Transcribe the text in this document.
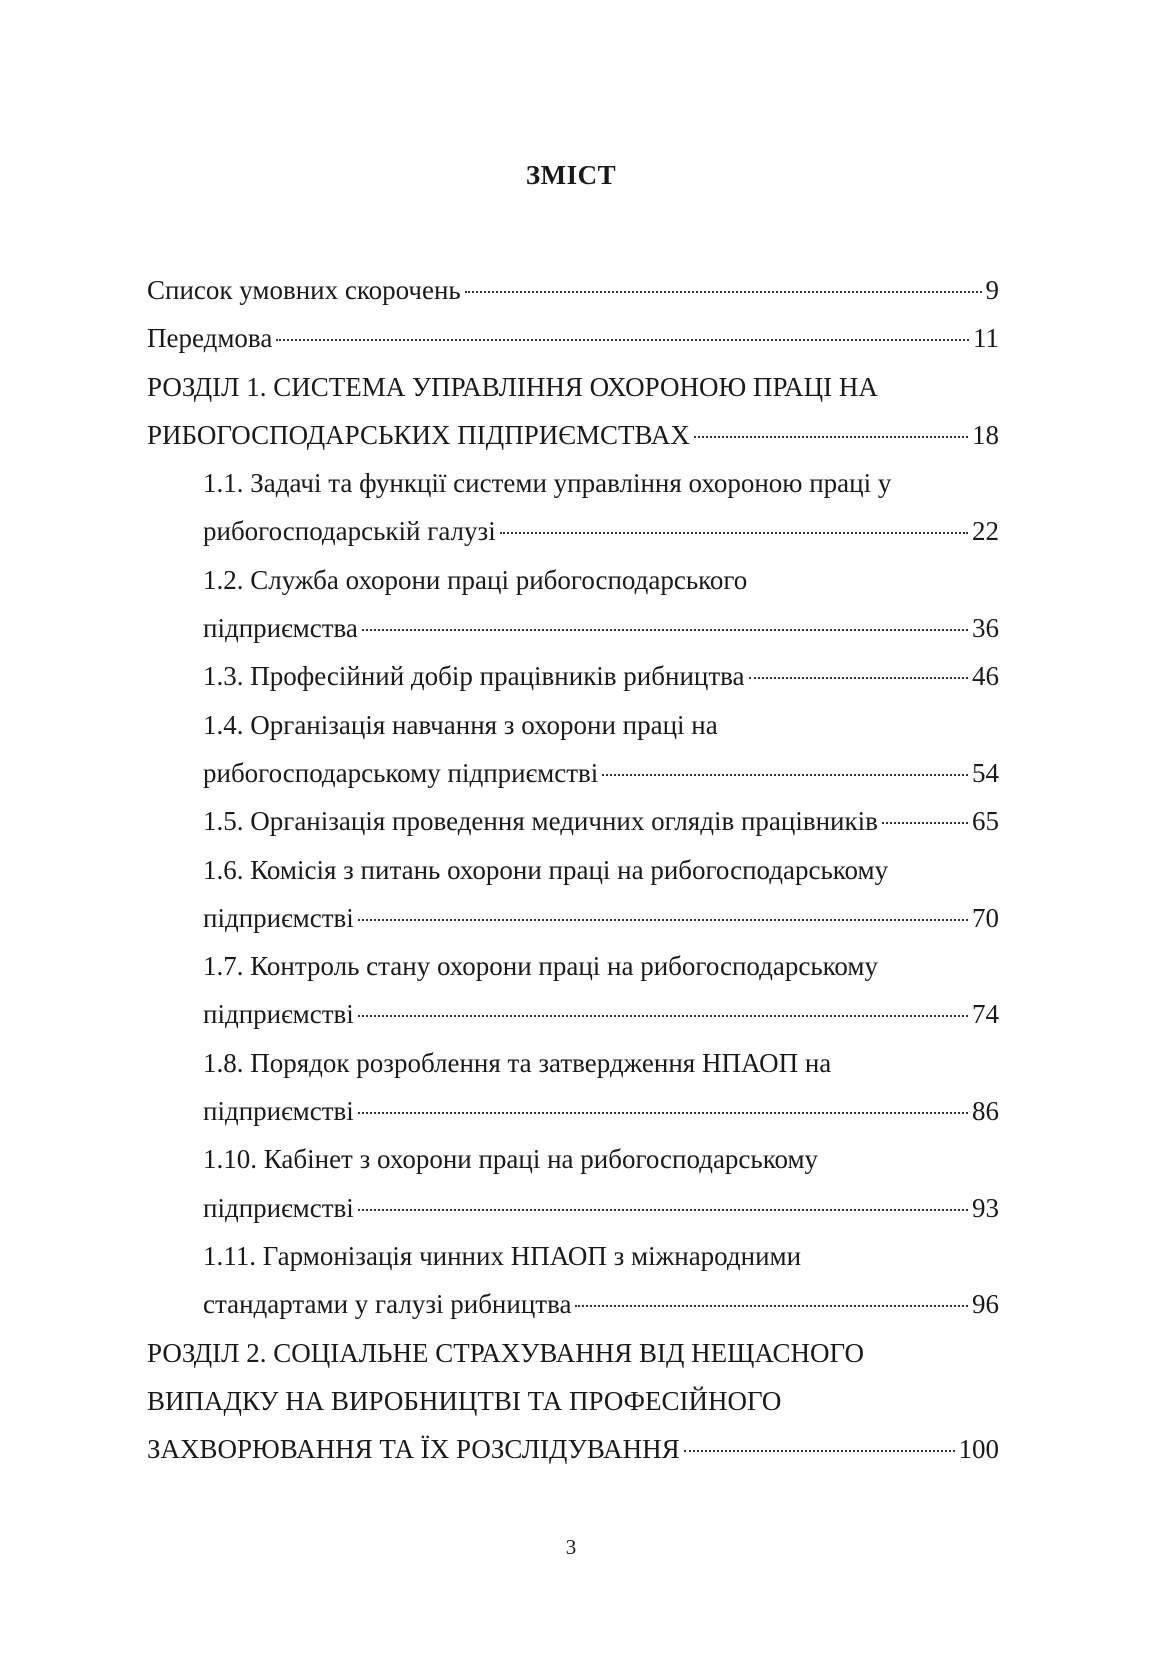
ЗМІСТ
Список умовних скорочень	9
Передмова	11
РОЗДІЛ 1. СИСТЕМА УПРАВЛІННЯ ОХОРОНОЮ ПРАЦІ НА
РИБОГОСПОДАРСЬКИХ ПІДПРИЄМСТВАХ	18
1.1. Задачі та функції системи управління охороною праці у
рибогосподарській галузі	22
1.2. Служба охорони праці рибогосподарського
підприємства	36
1.3. Професійний добір працівників рибництва	46
1.4. Організація навчання з охорони праці на
рибогосподарському підприємстві	54
1.5. Організація проведення медичних оглядів працівників	65
1.6. Комісія з питань охорони праці на рибогосподарському
підприємстві	70
1.7. Контроль стану охорони праці на рибогосподарському
підприємстві	74
1.8. Порядок розроблення та затвердження НПАОП на
підприємстві	86
1.10. Кабінет з охорони праці на рибогосподарському
підприємстві	93
1.11. Гармонізація чинних НПАОП з міжнародними
стандартами у галузі рибництва	96
РОЗДІЛ 2. СОЦІАЛЬНЕ СТРАХУВАННЯ ВІД НЕЩАСНОГО
ВИПАДКУ НА ВИРОБНИЦТВІ ТА ПРОФЕСІЙНОГО
ЗАХВОРЮВАННЯ ТА ЇХ РОЗСЛІДУВАННЯ	100
3
